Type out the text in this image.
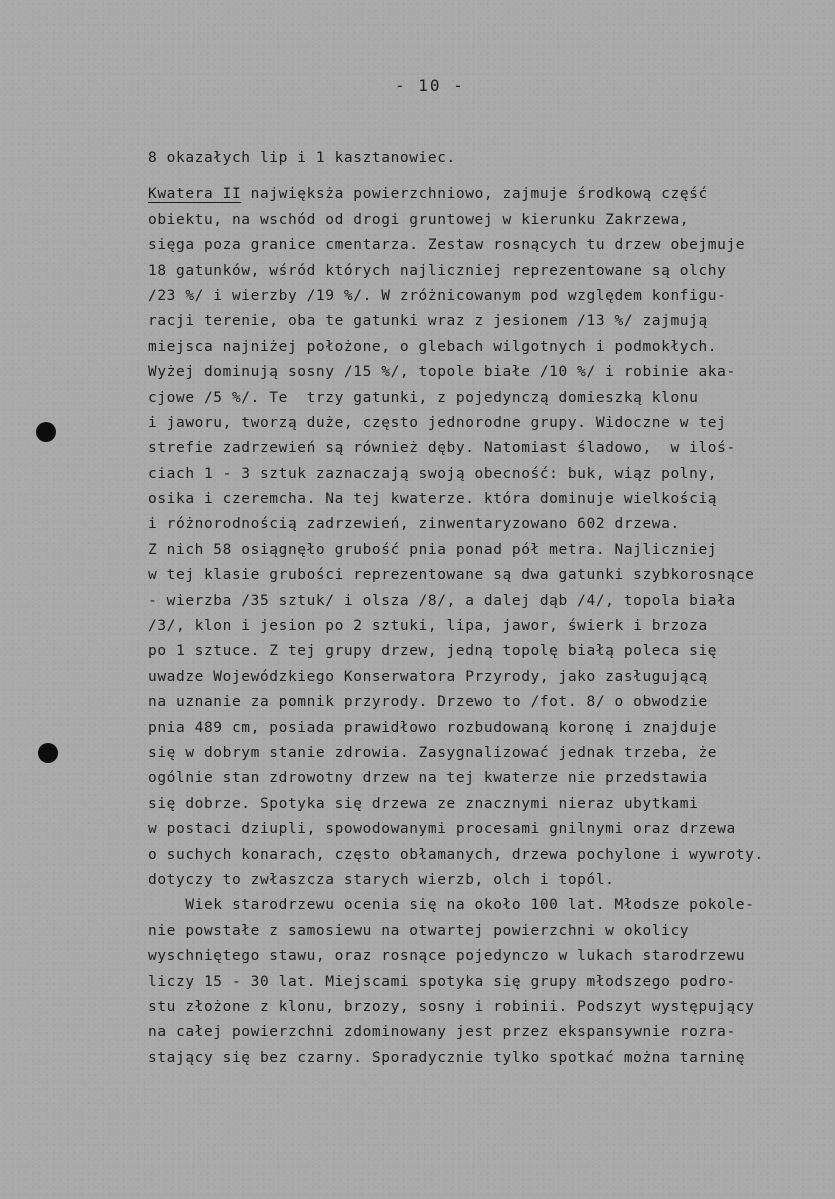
- 10 -
8 okazałych lip i 1 kasztanowiec.
Kwatera II najwięksża powierzchniowo, zajmuje środkową część
obiektu, na wschód od drogi gruntowej w kierunku Zakrzewa,
sięga poza granice cmentarza. Zestaw rosnących tu drzew obejmuje
18 gatunków, wśród których najliczniej reprezentowane są olchy
/23 %/ i wierzby /19 %/. W zróżnicowanym pod względem konfigu-
racji terenie, oba te gatunki wraz z jesionem /13 %/ zajmują
miejsca najniżej położone, o glebach wilgotnych i podmokłych.
Wyżej dominują sosny /15 %/, topole białe /10 %/ i robinie aka-
cjowe /5 %/. Te  trzy gatunki, z pojedynczą domieszką klonu
i jaworu, tworzą duże, często jednorodne grupy. Widoczne w tej
strefie zadrzewień są również dęby. Natomiast śladowo,  w iloś-
ciach 1 - 3 sztuk zaznaczają swoją obecność: buk, wiąz polny,
osika i czeremcha. Na tej kwaterze. która dominuje wielkością
i różnorodnością zadrzewień, zinwentaryzowano 602 drzewa.
Z nich 58 osiągnęło grubość pnia ponad pół metra. Najliczniej
w tej klasie grubości reprezentowane są dwa gatunki szybkorosnące
- wierzba /35 sztuk/ i olsza /8/, a dalej dąb /4/, topola biała
/3/, klon i jesion po 2 sztuki, lipa, jawor, świerk i brzoza
po 1 sztuce. Z tej grupy drzew, jedną topolę białą poleca się
uwadze Wojewódzkiego Konserwatora Przyrody, jako zasługującą
na uznanie za pomnik przyrody. Drzewo to /fot. 8/ o obwodzie
pnia 489 cm, posiada prawidłowo rozbudowaną koronę i znajduje
się w dobrym stanie zdrowia. Zasygnalizować jednak trzeba, że
ogólnie stan zdrowotny drzew na tej kwaterze nie przedstawia
się dobrze. Spotyka się drzewa ze znacznymi nieraz ubytkami
w postaci dziupli, spowodowanymi procesami gnilnymi oraz drzewa
o suchych konarach, często obłamanych, drzewa pochylone i wywroty.
dotyczy to zwłaszcza starych wierzb, olch i topól.
Wiek starodrzewu ocenia się na około 100 lat. Młodsze pokole-
nie powstałe z samosiewu na otwartej powierzchni w okolicy
wyschniętego stawu, oraz rosnące pojedynczo w lukach starodrzewu
liczy 15 - 30 lat. Miejscami spotyka się grupy młodszego podro-
stu złożone z klonu, brzozy, sosny i robinii. Podszyt występujący
na całej powierzchni zdominowany jest przez ekspansywnie rozra-
stający się bez czarny. Sporadycznie tylko spotkać można tarninę
